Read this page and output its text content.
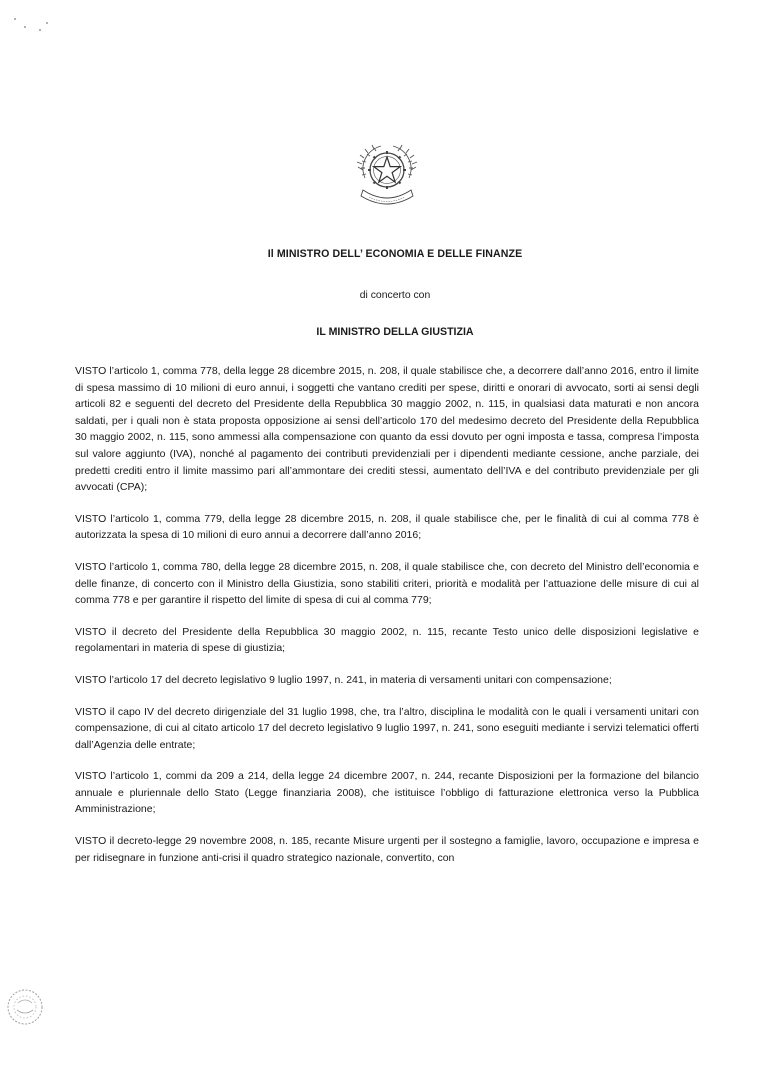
Il MINISTRO DELL’ ECONOMIA E DELLE FINANZE
di concerto con
IL MINISTRO DELLA GIUSTIZIA

VISTO l’articolo 1, comma 778, della legge 28 dicembre 2015, n. 208, il quale stabilisce che, a decorrere dall’anno 2016, entro il limite di spesa massimo di 10 milioni di euro annui, i soggetti che vantano crediti per spese, diritti e onorari di avvocato, sorti ai sensi degli articoli 82 e seguenti del decreto del Presidente della Repubblica 30 maggio 2002, n. 115, in qualsiasi data maturati e non ancora saldati, per i quali non è stata proposta opposizione ai sensi dell’articolo 170 del medesimo decreto del Presidente della Repubblica 30 maggio 2002, n. 115, sono ammessi alla compensazione con quanto da essi dovuto per ogni imposta e tassa, compresa l’imposta sul valore aggiunto (IVA), nonché al pagamento dei contributi previdenziali per i dipendenti mediante cessione, anche parziale, dei predetti crediti entro il limite massimo pari all’ammontare dei crediti stessi, aumentato dell’IVA e del contributo previdenziale per gli avvocati (CPA);

VISTO l’articolo 1, comma 779, della legge 28 dicembre 2015, n. 208, il quale stabilisce che, per le finalità di cui al comma 778 è autorizzata la spesa di 10 milioni di euro annui a decorrere dall’anno 2016;

VISTO l’articolo 1, comma 780, della legge 28 dicembre 2015, n. 208, il quale stabilisce che, con decreto del Ministro dell’economia e delle finanze, di concerto con il Ministro della Giustizia, sono stabiliti criteri, priorità e modalità per l’attuazione delle misure di cui al comma 778 e per garantire il rispetto del limite di spesa di cui al comma 779;

VISTO il decreto del Presidente della Repubblica 30 maggio 2002, n. 115, recante Testo unico delle disposizioni legislative e regolamentari in materia di spese di giustizia;

VISTO l’articolo 17 del decreto legislativo 9 luglio 1997, n. 241, in materia di versamenti unitari con compensazione;

VISTO il capo IV del decreto dirigenziale del 31 luglio 1998, che, tra l’altro, disciplina le modalità con le quali i versamenti unitari con compensazione, di cui al citato articolo 17 del decreto legislativo 9 luglio 1997, n. 241, sono eseguiti mediante i servizi telematici offerti dall’Agenzia delle entrate;

VISTO l’articolo 1, commi da 209 a 214, della legge 24 dicembre 2007, n. 244, recante Disposizioni per la formazione del bilancio annuale e pluriennale dello Stato (Legge finanziaria 2008), che istituisce l’obbligo di fatturazione elettronica verso la Pubblica Amministrazione;

VISTO il decreto-legge 29 novembre 2008, n. 185, recante Misure urgenti per il sostegno a famiglie, lavoro, occupazione e impresa e per ridisegnare in funzione anti-crisi il quadro strategico nazionale, convertito, con
